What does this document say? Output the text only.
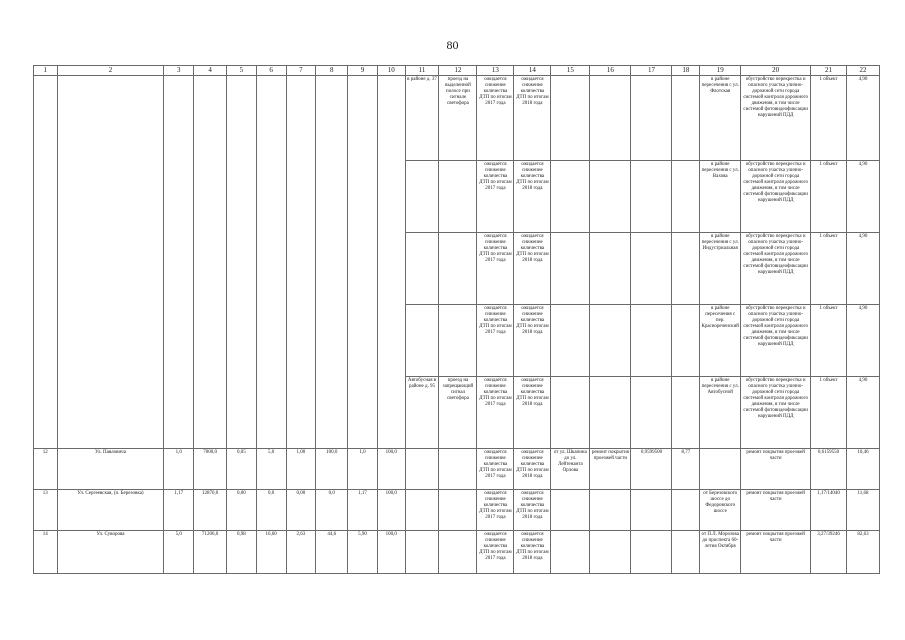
80
1	2	3	4	5	6	7	8	9	10	11	12	13	14	15	16	17	18	19	20	21	22
										в районе д. 37	проезд на выделенной полосе при сигнале светофора	ожидается снижение количества ДТП по итогам 2017 года	ожидается снижение количества ДТП по итогам 2018 года					в районе пересечения с ул. Флотская	обустройство перекрестка и опасного участка улично-дорожной сети города системой контроля дорожного движения, в том числе системой фотовидеофиксации нарушений ПДД	1 объект	4,90
												ожидается снижение количества ДТП по итогам 2017 года	ожидается снижение количества ДТП по итогам 2018 года					в районе пересечения с ул. Вахова	обустройство перекрестка и опасного участка улично-дорожной сети города системой контроля дорожного движения, в том числе системой фотовидеофиксации нарушений ПДД	1 объект	4,90
												ожидается снижение количества ДТП по итогам 2017 года	ожидается снижение количества ДТП по итогам 2018 года					в районе пересечения с ул. Индустриальная	обустройство перекрестка и опасного участка улично-дорожной сети города системой контроля дорожного движения, в том числе системой фотовидеофиксации нарушений ПДД	1 объект	4,90
												ожидается снижение количества ДТП по итогам 2017 года	ожидается снижение количества ДТП по итогам 2018 года					в районе пересечения с пер. Краснореченский	обустройство перекрестка и опасного участка улично-дорожной сети города системой контроля дорожного движения, в том числе системой фотовидеофиксации нарушений ПДД	1 объект	4,90
										Автобусная в районе д. 95	проезд на запрещающий сигнал светофора	ожидается снижение количества ДТП по итогам 2017 года	ожидается снижение количества ДТП по итогам 2018 года					в районе пересечения с ул. Автобусной	обустройство перекрестка и опасного участка улично-дорожной сети города системой контроля дорожного движения, в том числе системой фотовидеофиксации нарушений ПДД	1 объект	4,90
12	Ул. Павловича	1,0	7000,0	0,05	5,0	1,00	100,0	1,0	100,0			ожидается снижение количества ДТП по итогам 2017 года	ожидается снижение количества ДТП по итогам 2018 года	от ул. Шкапина до ул. Лейтенанта Орлова	ремонт покрытия проезжей части	0,9599500	8,77		ремонт покрытия проезжей части	0,6159550	10,46
13	Ул. Сергеевская, (п. Березовка)	1,17	12870,0	0,00	0,0	0,00	0,0	1,17	100,0			ожидается снижение количества ДТП по итогам 2017 года	ожидается снижение количества ДТП по итогам 2018 года					от Березовского шоссе до Федоровского шоссе	ремонт покрытия проезжей части	1,17/14040	11,68
14	Ул. Суворова	5,0	71206,0	0,98	16,60	2,63	44,6	5,90	100,0			ожидается снижение количества ДТП по итогам 2017 года	ожидается снижение количества ДТП по итогам 2018 года					от П.Л. Морозова до проспекта 60-летия Октября	ремонт покрытия проезжей части	3,27/39246	82,63
